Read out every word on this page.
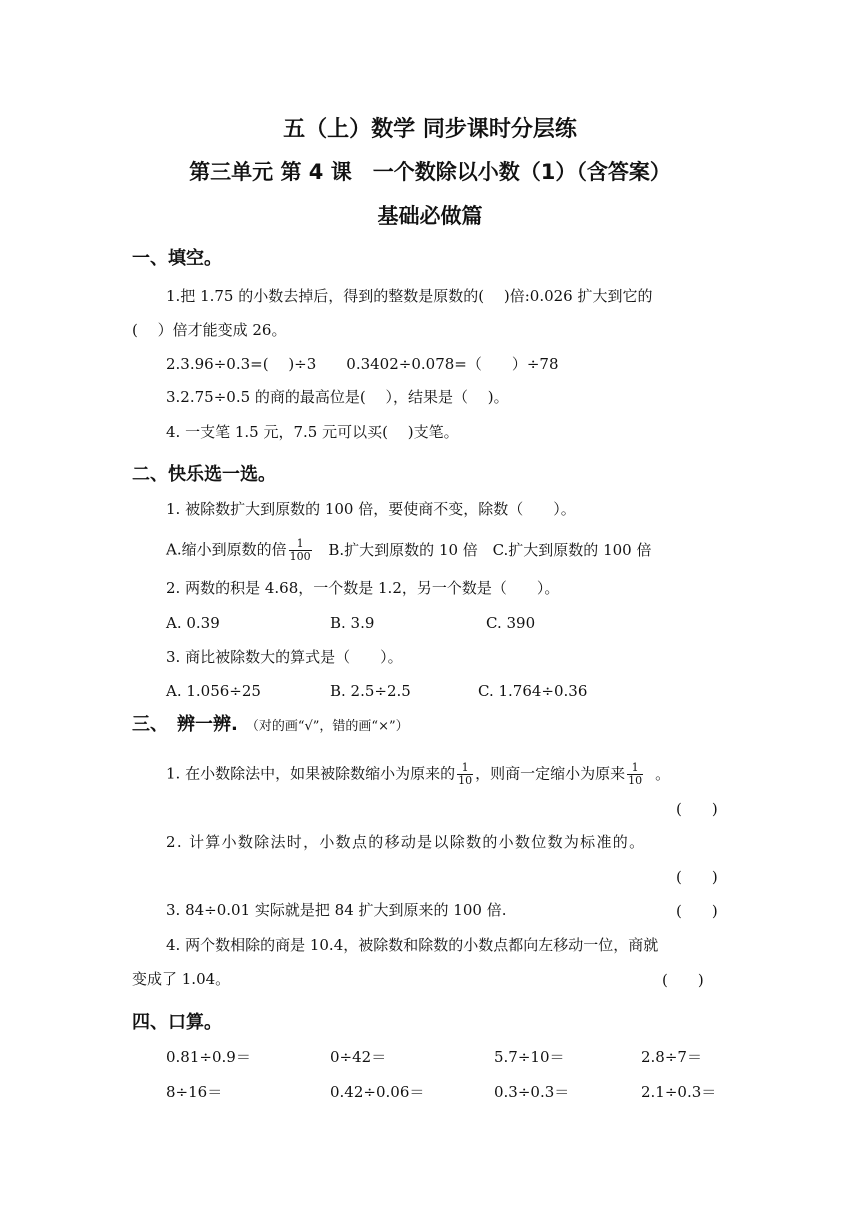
五（上）数学 同步课时分层练
第三单元 第 4 课　一个数除以小数（1）（含答案）
基础必做篇
一、填空。
1.把 1.75 的小数去掉后，得到的整数是原数的(　 )倍:0.026 扩大到它的
(　 ）倍才能变成 26。
2.3.96÷0.3=(　 )÷3　　0.3402÷0.078=（　　）÷78
3.2.75÷0.5 的商的最高位是(　 ），结果是（　 )。
4. 一支笔 1.5 元，7.5 元可以买(　 )支笔。
二、快乐选一选。
1. 被除数扩大到原数的 100 倍，要使商不变，除数（　　）。
A.缩小到原数的倍 $\frac{1}{100} B$.扩大到原数的 10 倍 C.扩大到原数的 100 倍
2. 两数的积是 4.68，一个数是 1.2，另一个数是（　　）。
A. 0.39	B. 3.9	C. 390
3. 商比被除数大的算式是（　　）。
A. 1.056÷25	B. 2.5÷2.5	C. 1.764÷0.36
三、　辨一辨. （对的画“√”，错的画“×”）
1. 在小数除法中，如果被除数缩小为原来的 $\frac{1}{10}$ ，则商一定缩小为原来 $\frac{1}{10}$ 。
(　　)
2. 计算小数除法时，小数点的移动是以除数的小数位数为标准的。
(　　)
3. 84÷0.01 实际就是把 84 扩大到原来的 100 倍.	(　　)
4. 两个数相除的商是 10.4，被除数和除数的小数点都向左移动一位，商就
变成了 1.04。	(　　)
四、口算。
0.81÷0.9＝	0÷42＝	5.7÷10＝	2.8÷7＝
8÷16＝	0.42÷0.06＝	0.3÷0.3＝	2.1÷0.3＝
